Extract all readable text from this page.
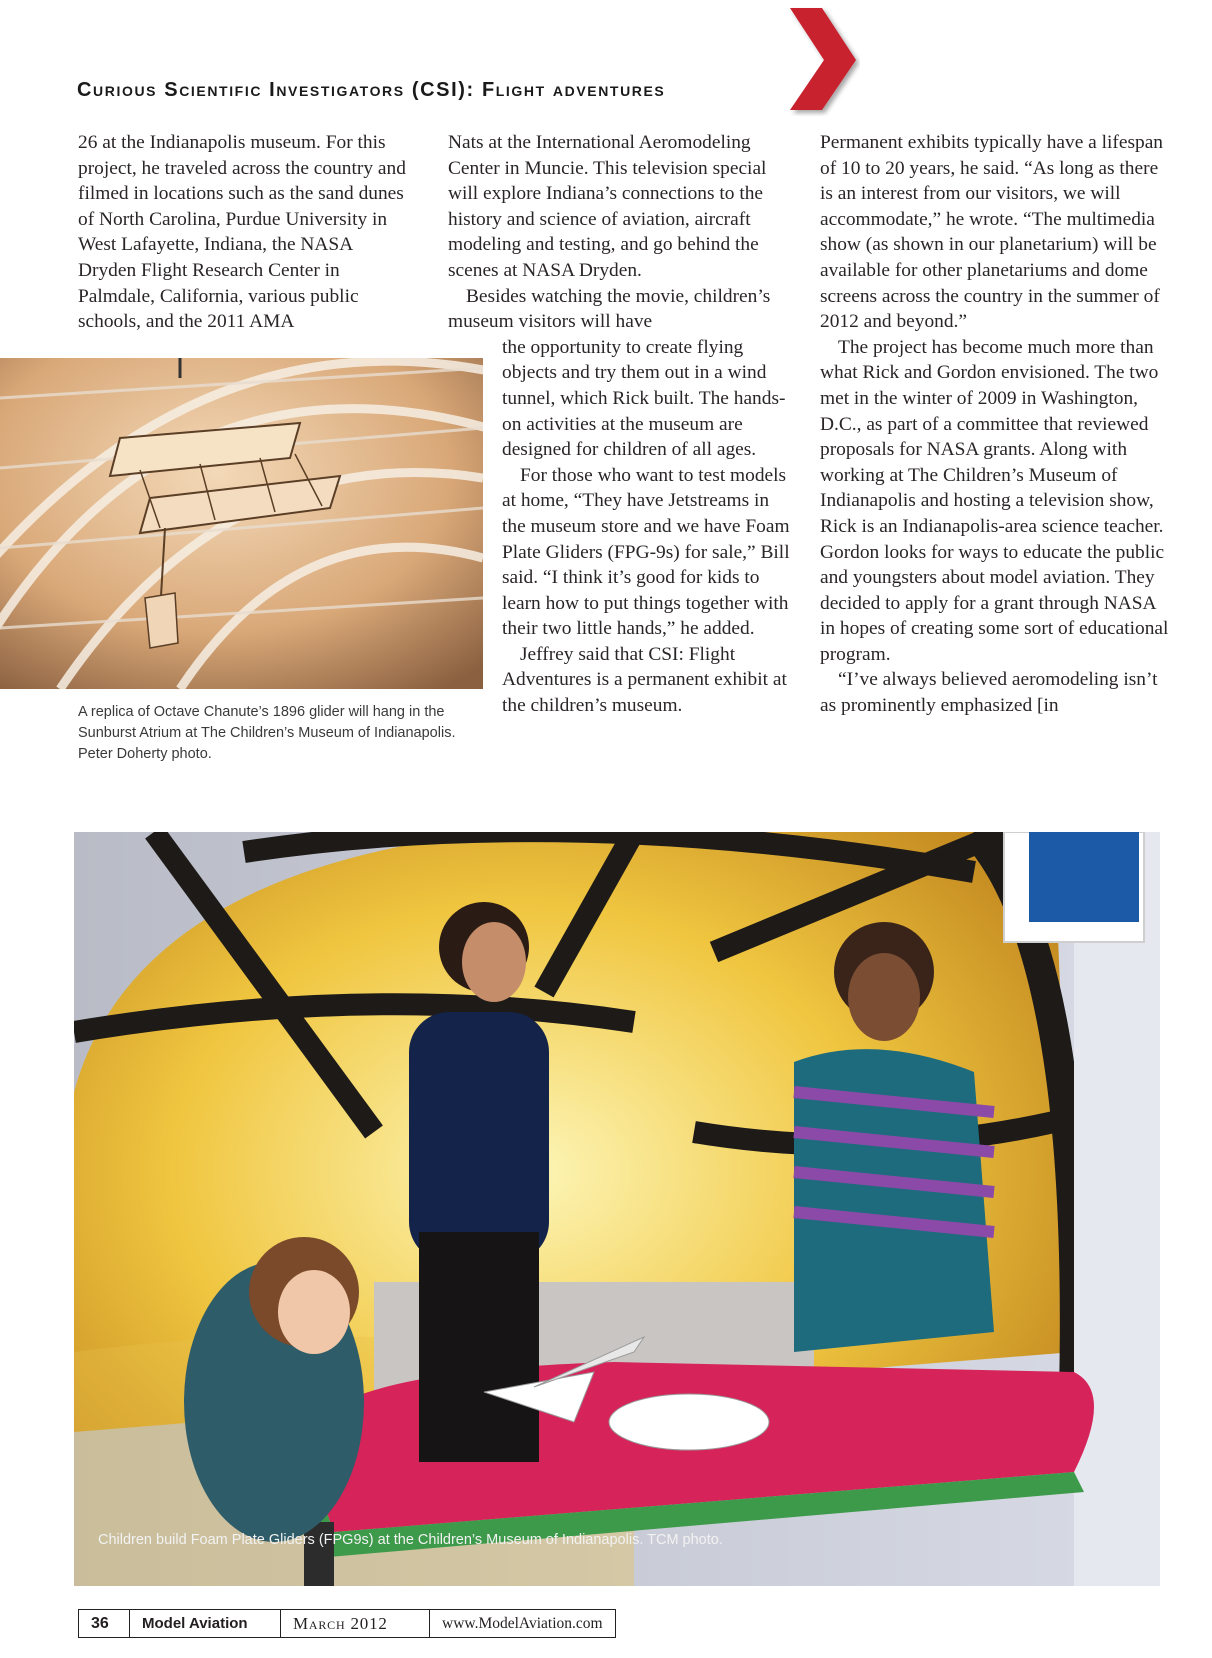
Curious Scientific Investigators (CSI): Flight adventures

26 at the Indianapolis museum. For this project, he traveled across the country and filmed in locations such as the sand dunes of North Carolina, Purdue University in West Lafayette, Indiana, the NASA Dryden Flight Research Center in Palmdale, California, various public schools, and the 2011 AMA

A replica of Octave Chanute’s 1896 glider will hang in the Sunburst Atrium at The Children’s Museum of Indianapolis. Peter Doherty photo.

Nats at the International Aeromodeling Center in Muncie. This television special will explore Indiana’s connections to the history and science of aviation, aircraft modeling and testing, and go behind the scenes at NASA Dryden.

Besides watching the movie, children’s museum visitors will have

the opportunity to create flying objects and try them out in a wind tunnel, which Rick built. The hands-on activities at the museum are designed for children of all ages.

For those who want to test models at home, “They have Jetstreams in the museum store and we have Foam Plate Gliders (FPG-9s) for sale,” Bill said. “I think it’s good for kids to learn how to put things together with their two little hands,” he added.

Jeffrey said that CSI: Flight Adventures is a permanent exhibit at the children’s museum.

Permanent exhibits typically have a lifespan of 10 to 20 years, he said. “As long as there is an interest from our visitors, we will accommodate,” he wrote. “The multimedia show (as shown in our planetarium) will be available for other planetariums and dome screens across the country in the summer of 2012 and beyond.”

The project has become much more than what Rick and Gordon envisioned. The two met in the winter of 2009 in Washington, D.C., as part of a committee that reviewed proposals for NASA grants. Along with working at The Children’s Museum of Indianapolis and hosting a television show, Rick is an Indianapolis-area science teacher. Gordon looks for ways to educate the public and youngsters about model aviation. They decided to apply for a grant through NASA in hopes of creating some sort of educational program.

“I’ve always believed aeromodeling isn’t as prominently emphasized [in

Children build Foam Plate Gliders (FPG9s) at the Children’s Museum of Indianapolis. TCM photo.

36	Model Aviation	March 2012	www.ModelAviation.com
